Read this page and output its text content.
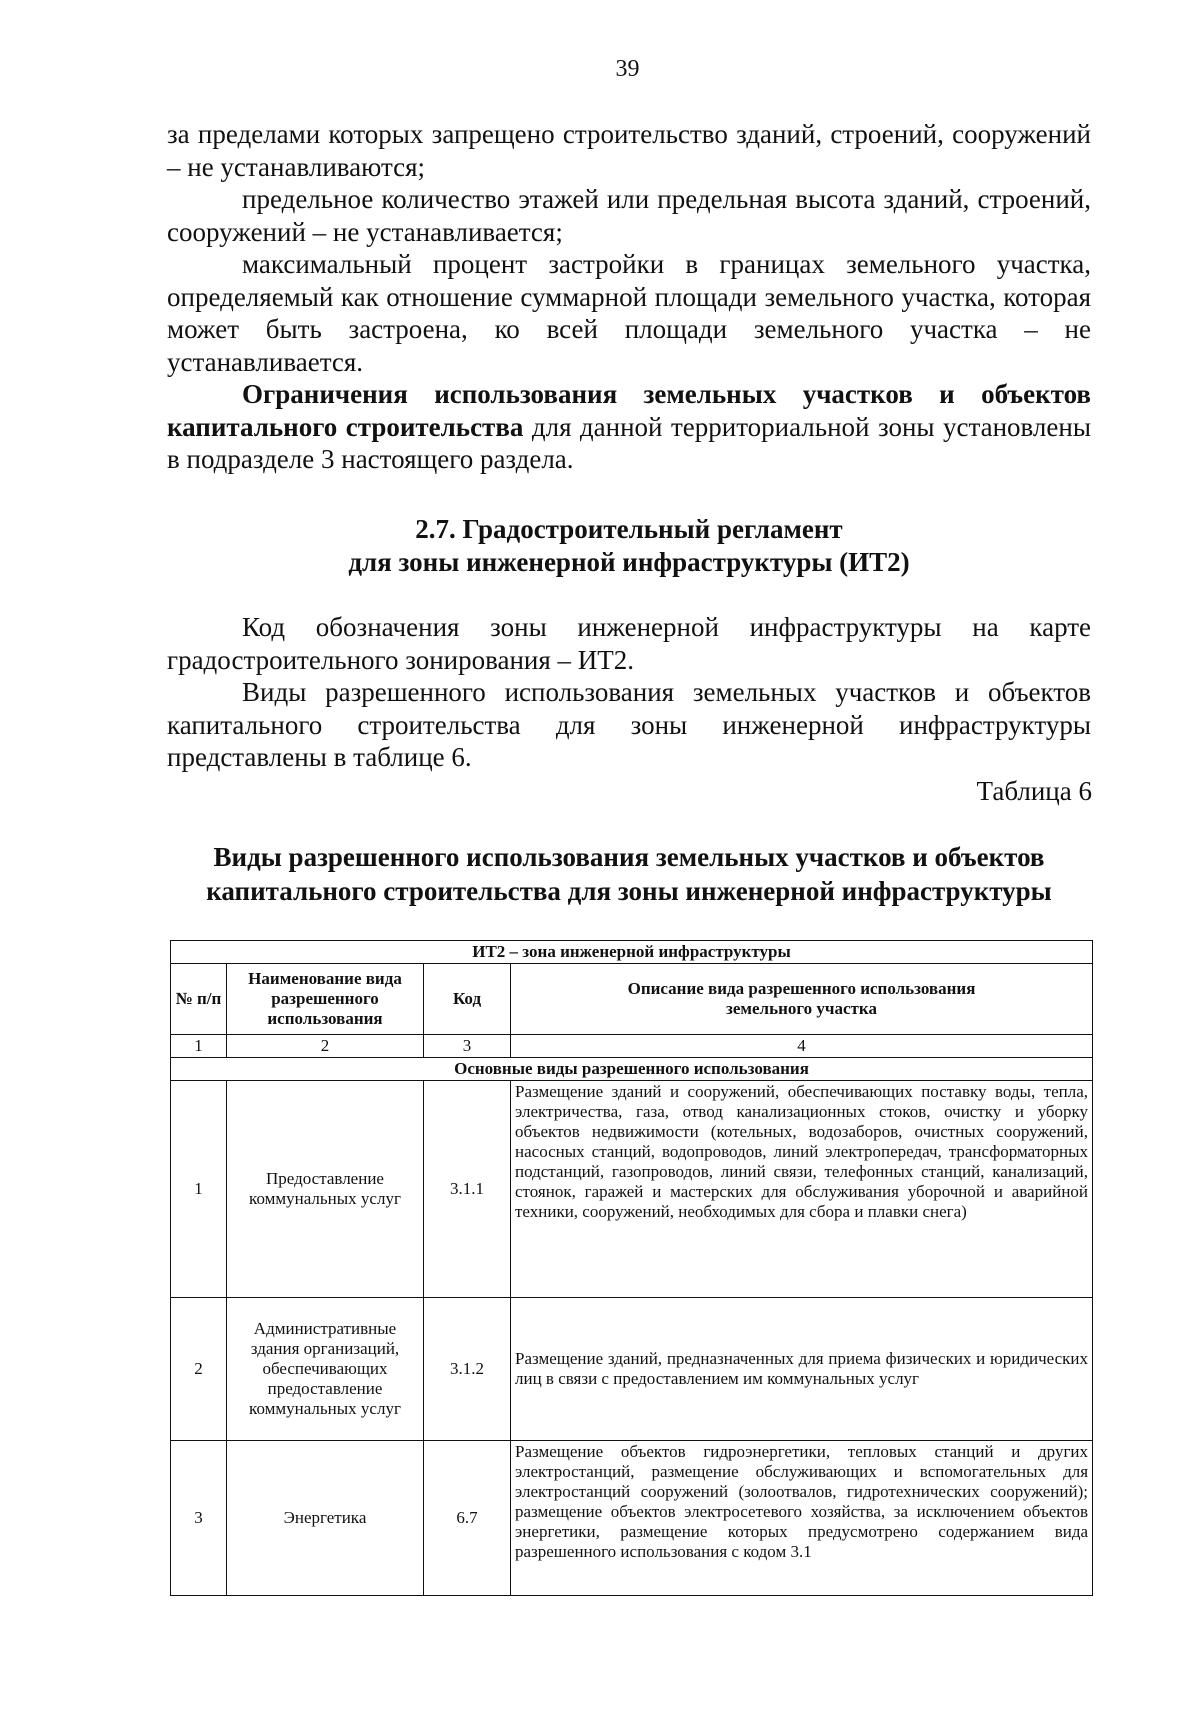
39

за пределами которых запрещено строительство зданий, строений, сооружений – не устанавливаются;

предельное количество этажей или предельная высота зданий, строений, сооружений – не устанавливается;

максимальный процент застройки в границах земельного участка, определяемый как отношение суммарной площади земельного участка, которая может быть застроена, ко всей площади земельного участка – не устанавливается.

Ограничения использования земельных участков и объектов капитального строительства для данной территориальной зоны установлены в подразделе 3 настоящего раздела.

2.7. Градостроительный регламент
для зоны инженерной инфраструктуры (ИТ2)

Код обозначения зоны инженерной инфраструктуры на карте градостроительного зонирования – ИТ2.

Виды разрешенного использования земельных участков и объектов капитального строительства для зоны инженерной инфраструктуры представлены в таблице 6.

Таблица 6
Виды разрешенного использования земельных участков и объектов
капитального строительства для зоны инженерной инфраструктуры
ИТ2 – зона инженерной инфраструктуры			
№ п/п	Наименование вида разрешенного использования	Код	Описание вида разрешенного использования земельного участка
1	2	3	4
Основные виды разрешенного использования			
1	Предоставление коммунальных услуг	3.1.1	Размещение зданий и сооружений, обеспечивающих поставку воды, тепла, электричества, газа, отвод канализационных стоков, очистку и уборку объектов недвижимости (котельных, водозаборов, очистных сооружений, насосных станций, водопроводов, линий электропередач, трансформаторных подстанций, газопроводов, линий связи, телефонных станций, канализаций, стоянок, гаражей и мастерских для обслуживания уборочной и аварийной техники, сооружений, необходимых для сбора и плавки снега)
2	Административные здания организаций, обеспечивающих предоставление коммунальных услуг	3.1.2	Размещение зданий, предназначенных для приема физических и юридических лиц в связи с предоставлением им коммунальных услуг
3	Энергетика	6.7	Размещение объектов гидроэнергетики, тепловых станций и других электростанций, размещение обслуживающих и вспомогательных для электростанций сооружений (золоотвалов, гидротехнических сооружений); размещение объектов электросетевого хозяйства, за исключением объектов энергетики, размещение которых предусмотрено содержанием вида разрешенного использования с кодом 3.1
